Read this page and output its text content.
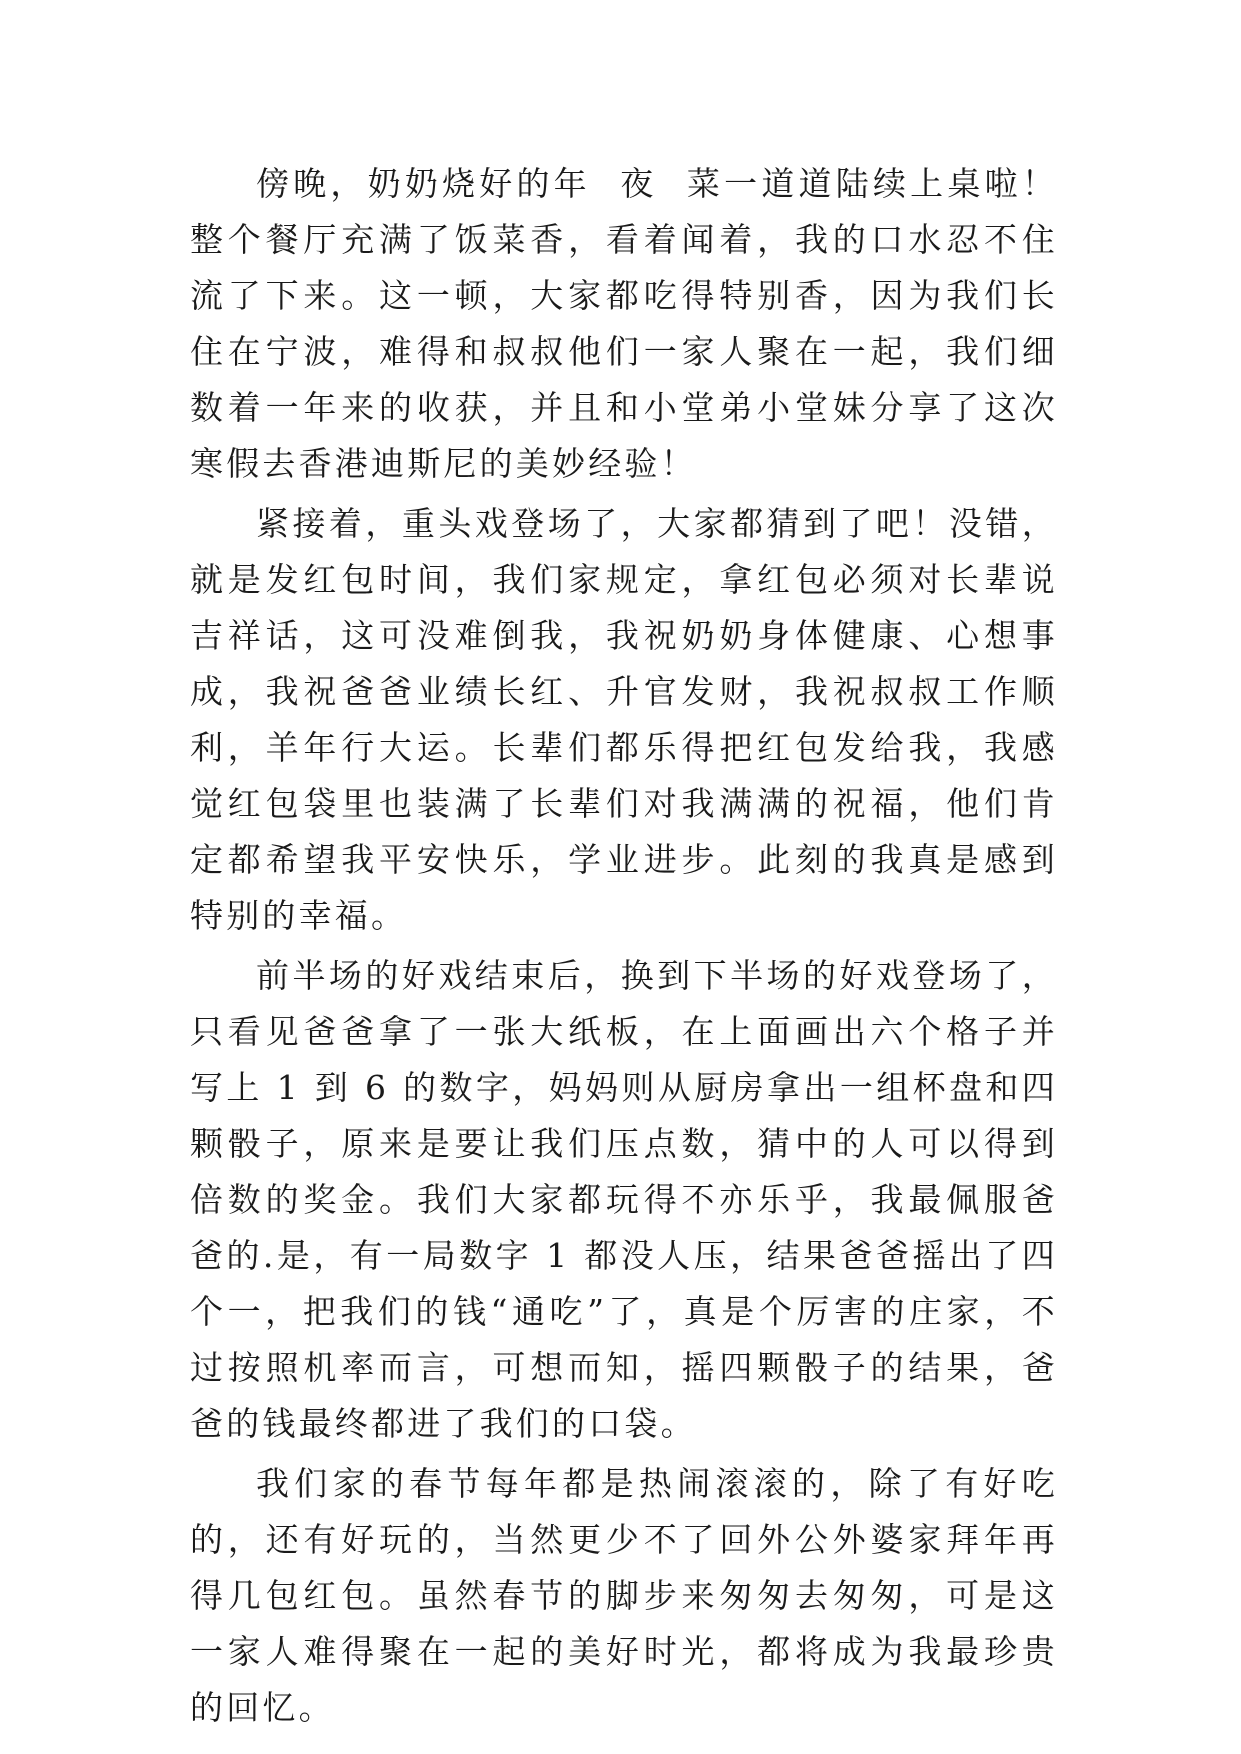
傍晚，奶奶烧好的年  夜  菜一道道陆续上桌啦！整个餐厅充满了饭菜香，看着闻着，我的口水忍不住流了下来。这一顿，大家都吃得特别香，因为我们长住在宁波，难得和叔叔他们一家人聚在一起，我们细数着一年来的收获，并且和小堂弟小堂妹分享了这次寒假去香港迪斯尼的美妙经验！

紧接着，重头戏登场了，大家都猜到了吧！没错，就是发红包时间，我们家规定，拿红包必须对长辈说吉祥话，这可没难倒我，我祝奶奶身体健康、心想事成，我祝爸爸业绩长红、升官发财，我祝叔叔工作顺利，羊年行大运。长辈们都乐得把红包发给我，我感觉红包袋里也装满了长辈们对我满满的祝福，他们肯定都希望我平安快乐，学业进步。此刻的我真是感到特别的幸福。

前半场的好戏结束后，换到下半场的好戏登场了，只看见爸爸拿了一张大纸板，在上面画出六个格子并写上 1 到 6 的数字，妈妈则从厨房拿出一组杯盘和四颗骰子，原来是要让我们压点数，猜中的人可以得到倍数的奖金。我们大家都玩得不亦乐乎，我最佩服爸爸的.是，有一局数字 1 都没人压，结果爸爸摇出了四个一，把我们的钱“通吃”了，真是个厉害的庄家，不过按照机率而言，可想而知，摇四颗骰子的结果，爸爸的钱最终都进了我们的口袋。

我们家的春节每年都是热闹滚滚的，除了有好吃的，还有好玩的，当然更少不了回外公外婆家拜年再得几包红包。虽然春节的脚步来匆匆去匆匆，可是这一家人难得聚在一起的美好时光，都将成为我最珍贵的回忆。
